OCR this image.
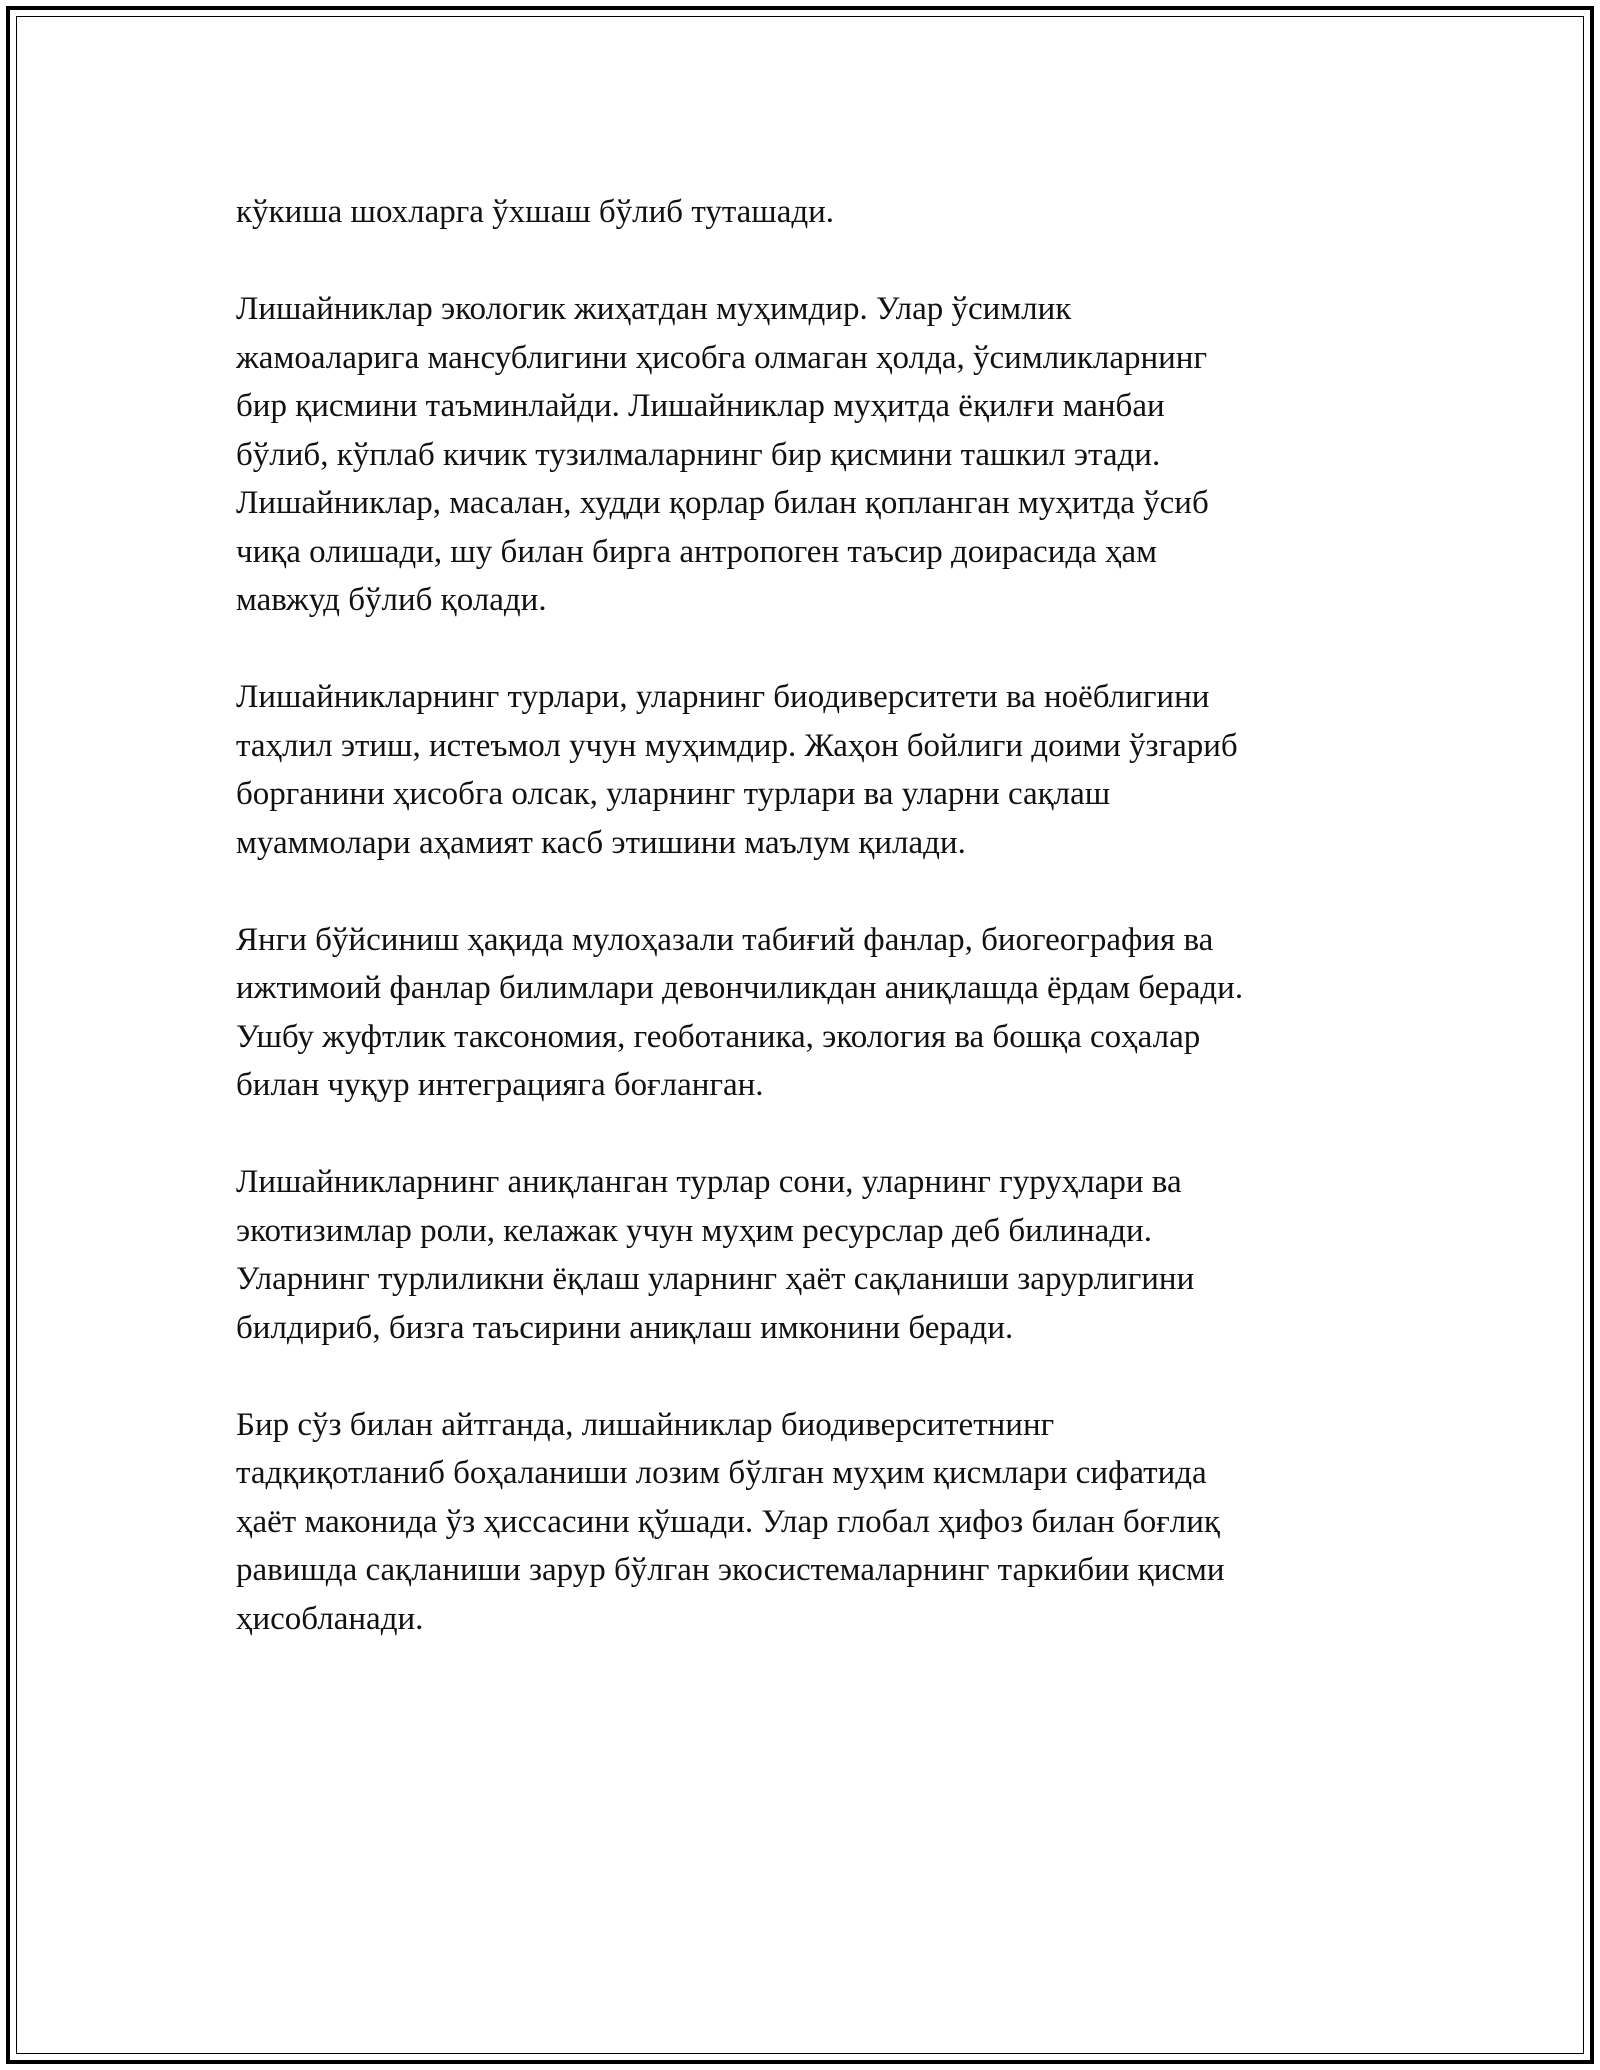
кўкиша шохларга ўхшаш бўлиб туташади.

Лишайниклар экологик жиҳатдан муҳимдир. Улар ўсимлик
жамоаларига мансублигини ҳисобга олмаган ҳолда, ўсимликларнинг
бир қисмини таъминлайди. Лишайниклар муҳитда ёқилғи манбаи
бўлиб, кўплаб кичик тузилмаларнинг бир қисмини ташкил этади.
Лишайниклар, масалан, худди қорлар билан қопланган муҳитда ўсиб
чиқа олишади, шу билан бирга антропоген таъсир доирасида ҳам
мавжуд бўлиб қолади.

Лишайникларнинг турлари, уларнинг биодиверситети ва ноёблигини
таҳлил этиш, истеъмол учун муҳимдир. Жаҳон бойлиги доими ўзгариб
борганини ҳисобга олсак, уларнинг турлари ва уларни сақлаш
муаммолари аҳамият касб этишини маълум қилади.

Янги бўйсиниш ҳақида мулоҳазали табиғий фанлар, биогеография ва
ижтимоий фанлар билимлари девончиликдан аниқлашда ёрдам беради.
Ушбу жуфтлик таксономия, геоботаника, экология ва бошқа соҳалар
билан чуқур интеграцияга боғланган.

Лишайникларнинг аниқланган турлар сони, уларнинг гуруҳлари ва
экотизимлар роли, келажак учун муҳим ресурслар деб билинади.
Уларнинг турлиликни ёқлаш уларнинг ҳаёт сақланиши зарурлигини
билдириб, бизга таъсирини аниқлаш имконини беради.

Бир сўз билан айтганда, лишайниклар биодиверситетнинг
тадқиқотланиб боҳаланиши лозим бўлган муҳим қисмлари сифатида
ҳаёт маконида ўз ҳиссасини қўшади. Улар глобал ҳифоз билан боғлиқ
равишда сақланиши зарур бўлган экосистемаларнинг таркибии қисми
ҳисобланади.
